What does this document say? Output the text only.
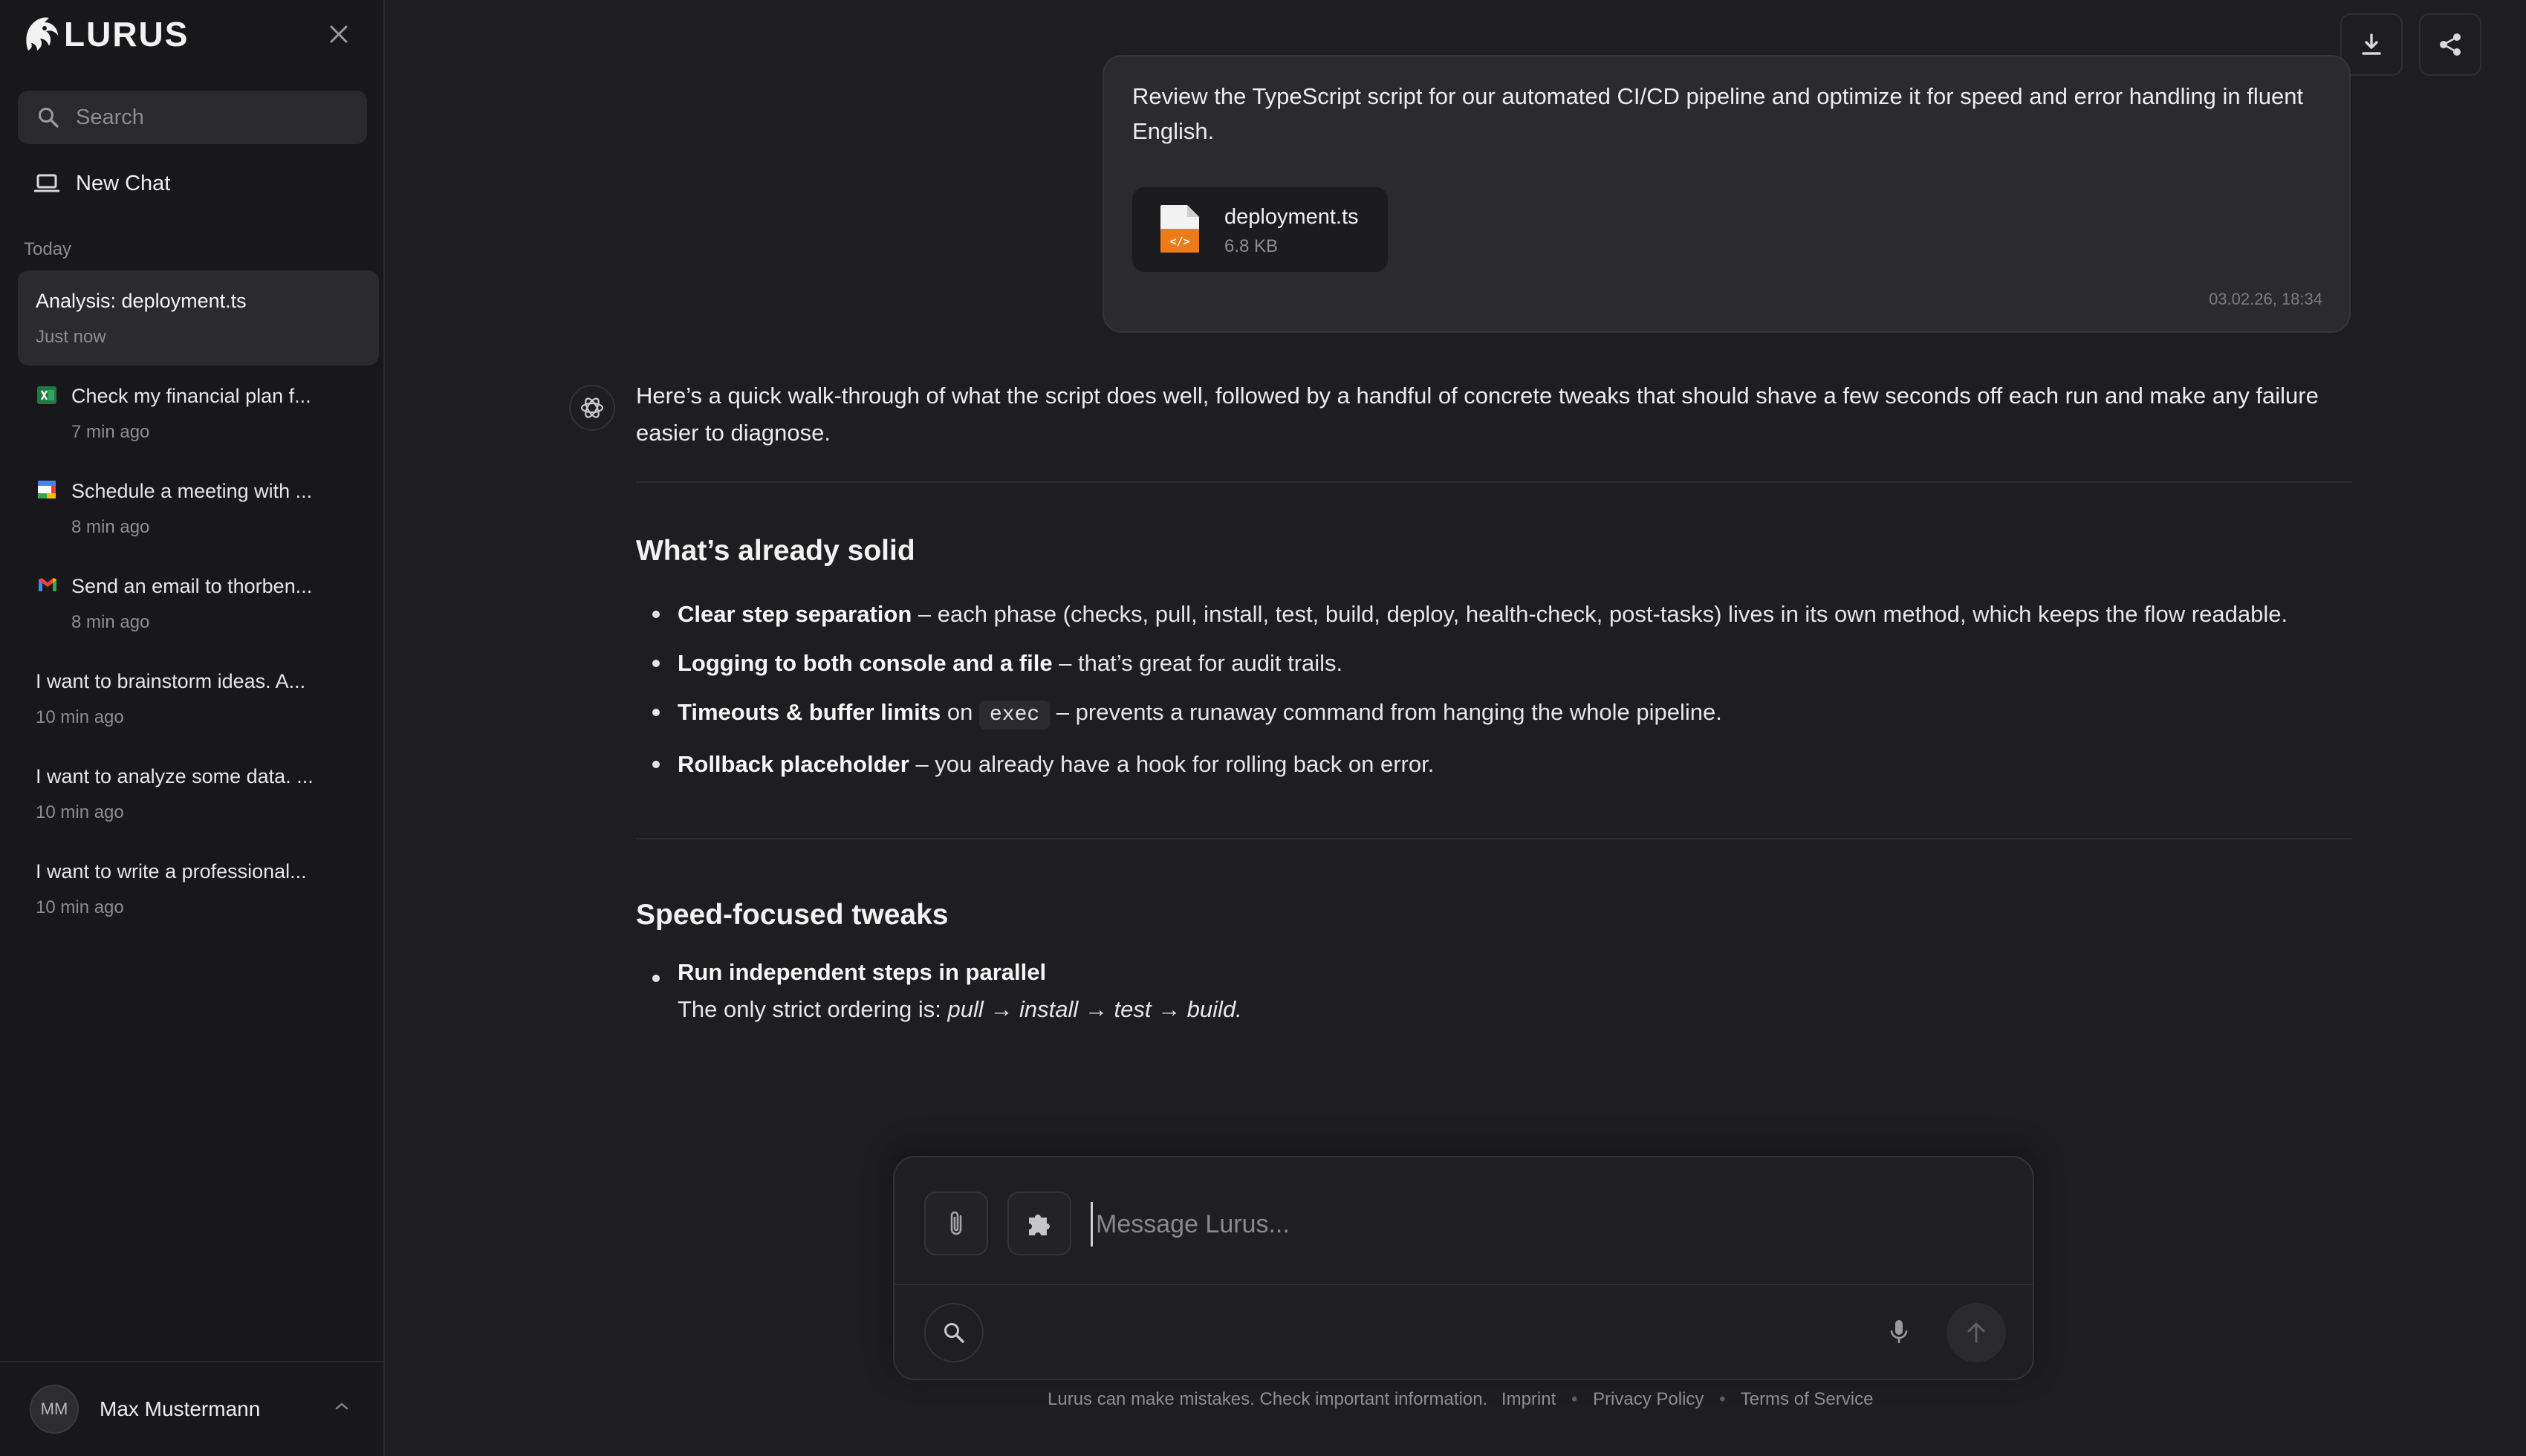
LURUS
Search
New Chat
Today
Analysis: deployment.ts
Just now
Check my financial plan f...
7 min ago
Schedule a meeting with ...
8 min ago
Send an email to thorben...
8 min ago
I want to brainstorm ideas. A...
10 min ago
I want to analyze some data. ...
10 min ago
I want to write a professional...
10 min ago
MM	Max Mustermann
Review the TypeScript script for our automated CI/CD pipeline and optimize it for speed and error handling in fluent English.
</>
deployment.ts
6.8 KB
03.02.26, 18:34

Here’s a quick walk-through of what the script does well, followed by a handful of concrete tweaks that should shave a few seconds off each run and make any failure easier to diagnose.

What’s already solid
Clear step separation – each phase (checks, pull, install, test, build, deploy, health-check, post-tasks) lives in its own method, which keeps the flow readable.
Logging to both console and a file – that’s great for audit trails.
Timeouts & buffer limits on exec – prevents a runaway command from hanging the whole pipeline.
Rollback placeholder – you already have a hook for rolling back on error.
Speed-focused tweaks
Run independent steps in parallel
The only strict ordering is: pull → install → test → build.
Message Lurus...
Lurus can make mistakes. Check important information. Imprint • Privacy Policy • Terms of Service
